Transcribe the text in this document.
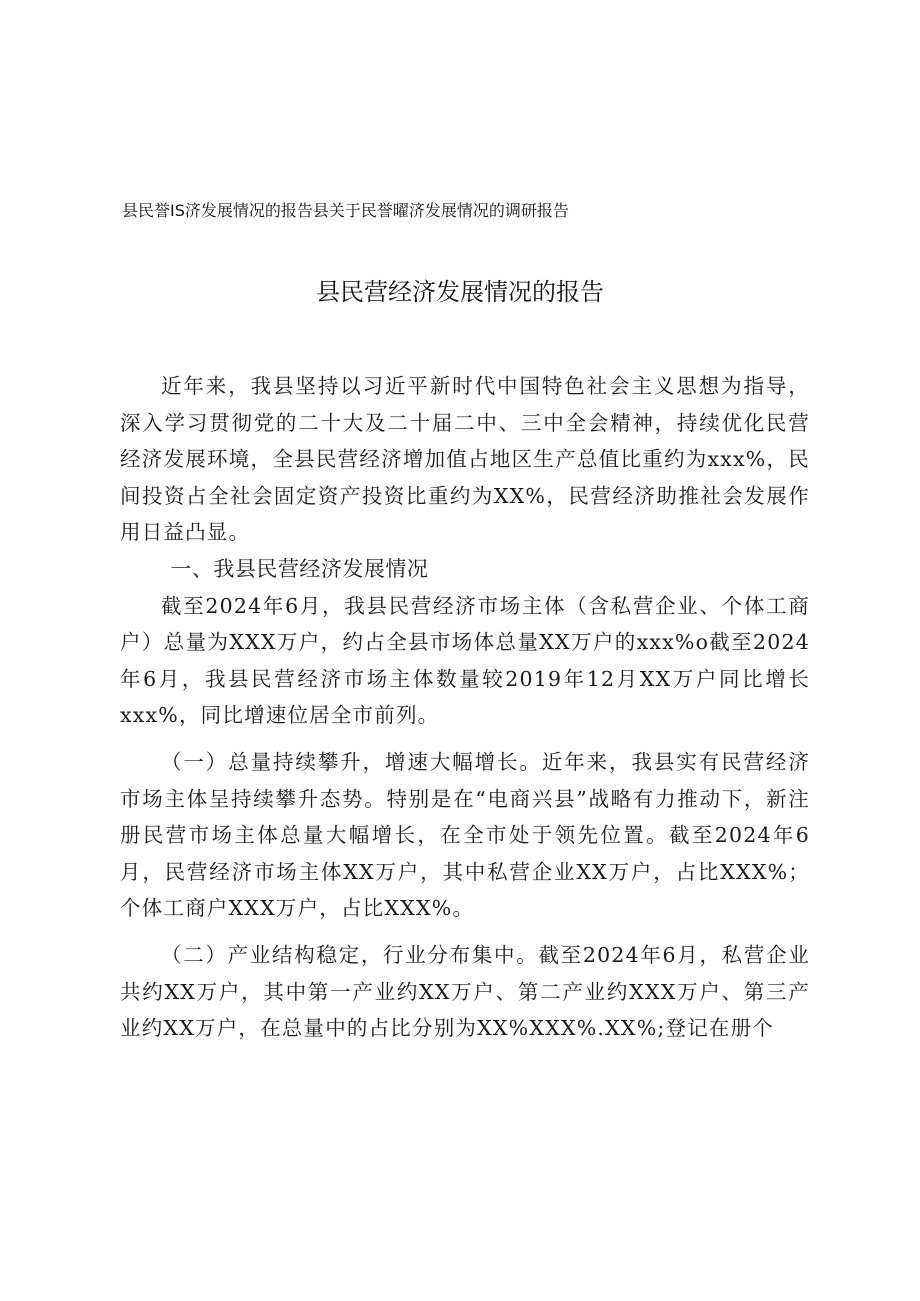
县民誉IS济发展情况的报告县关于民誉曜济发展情况的调研报告
县民营经济发展情况的报告

近年来，我县坚持以习近平新时代中国特色社会主义思想为指导，深入学习贯彻党的二十大及二十届二中、三中全会精神，持续优化民营经济发展环境，全县民营经济增加值占地区生产总值比重约为xxx%，民间投资占全社会固定资产投资比重约为XX%，民营经济助推社会发展作用日益凸显。

一、我县民营经济发展情况

截至2024年6月，我县民营经济市场主体（含私营企业、个体工商户）总量为XXX万户，约占全县市场体总量XX万户的xxx%o截至2024年6月，我县民营经济市场主体数量较2019年12月XX万户同比增长xxx%，同比增速位居全市前列。

（一）总量持续攀升，增速大幅增长。近年来，我县实有民营经济市场主体呈持续攀升态势。特别是在“电商兴县”战略有力推动下，新注册民营市场主体总量大幅增长，在全市处于领先位置。截至2024年6月，民营经济市场主体XX万户，其中私营企业XX万户，占比XXX%；个体工商户XXX万户，占比XXX%。

（二）产业结构稳定，行业分布集中。截至2024年6月，私营企业共约XX万户，其中第一产业约XX万户、第二产业约XXX万户、第三产业约XX万户，在总量中的占比分别为XX%XXX%.XX%;登记在册个
